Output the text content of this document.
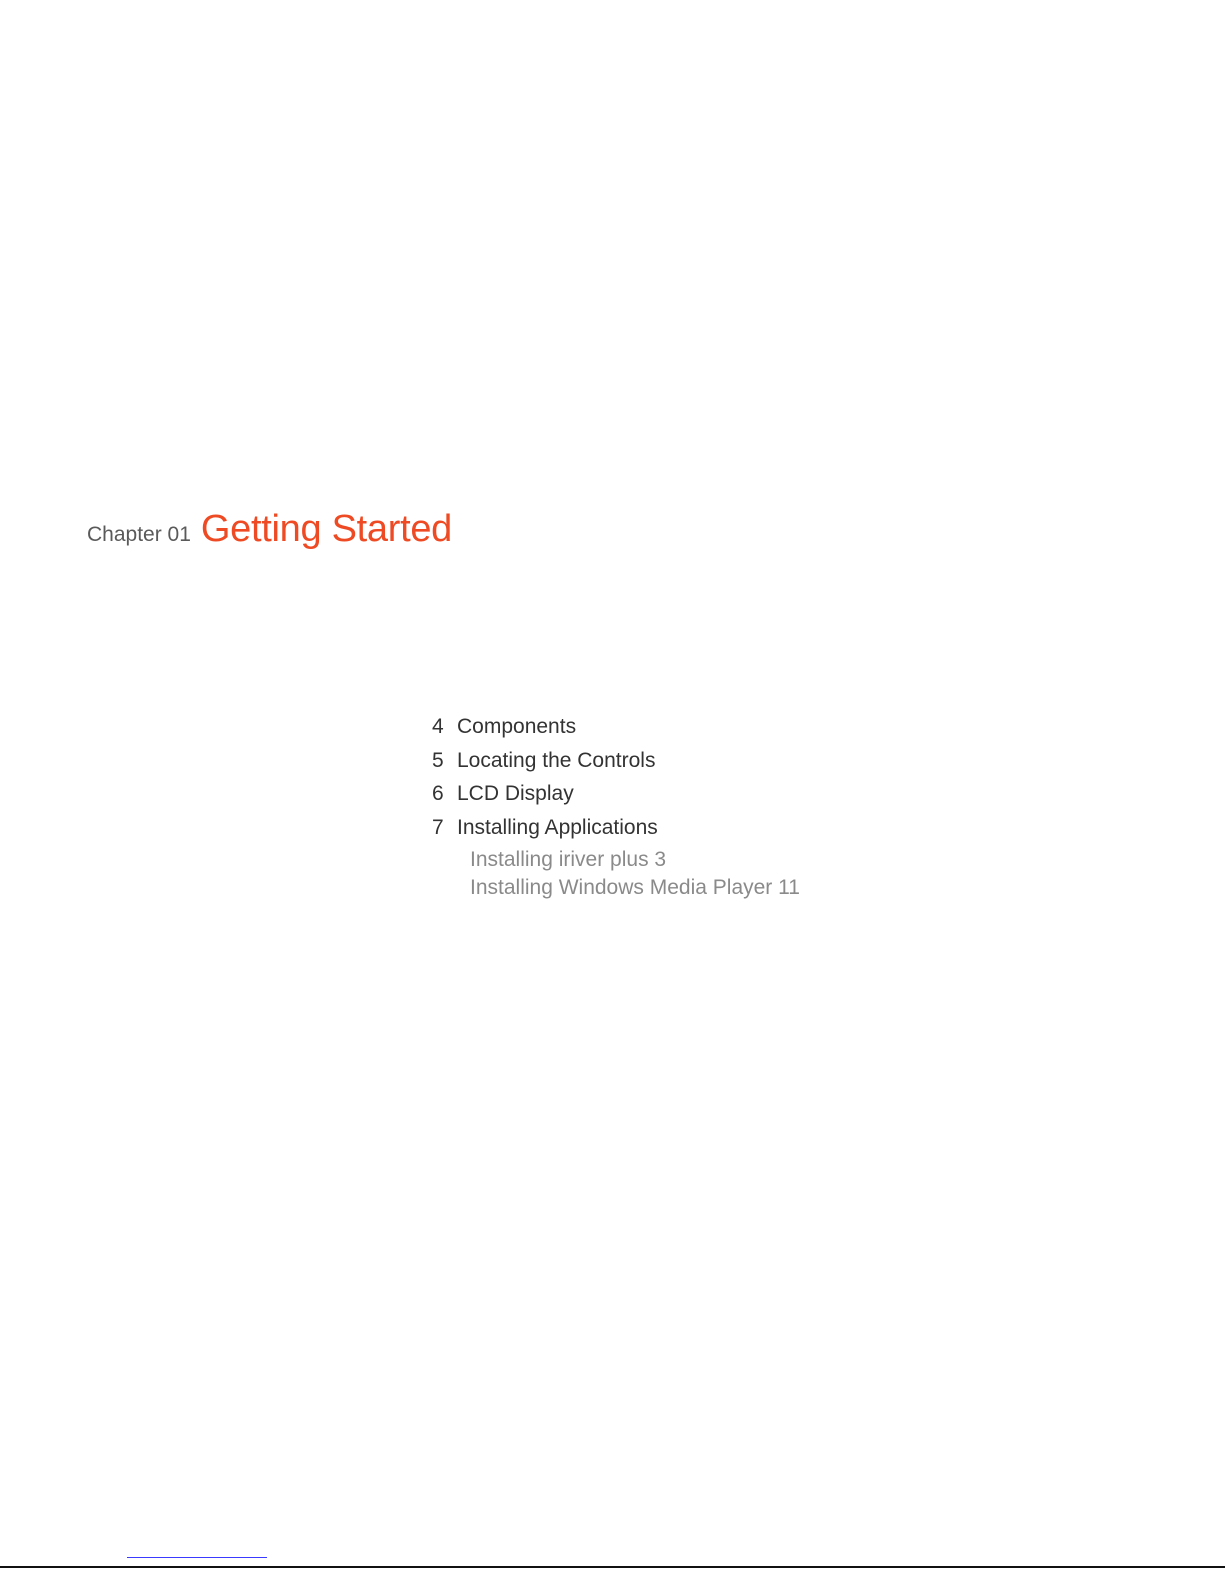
Chapter 01 Getting Started
4 Components
5 Locating the Controls
6 LCD Display
7 Installing Applications
Installing iriver plus 3
Installing Windows Media Player 11
